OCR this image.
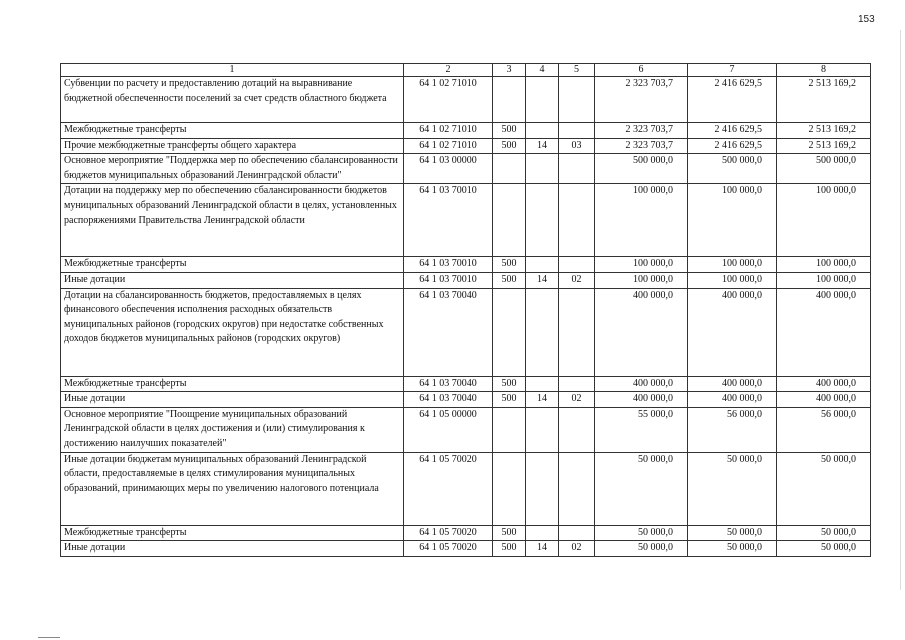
153
1	2	3	4	5	6	7	8
Субвенции по расчету и предоставлению дотаций на выравнивание бюджетной обеспеченности поселений за счет средств областного бюджета	64 1 02 71010				2 323 703,7	2 416 629,5	2 513 169,2
Межбюджетные трансферты	64 1 02 71010	500			2 323 703,7	2 416 629,5	2 513 169,2
Прочие межбюджетные трансферты общего характера	64 1 02 71010	500	14	03	2 323 703,7	2 416 629,5	2 513 169,2
Основное мероприятие "Поддержка мер по обеспечению сбалансированности бюджетов муниципальных образований Ленинградской области"	64 1 03 00000				500 000,0	500 000,0	500 000,0
Дотации на поддержку мер по обеспечению сбалансированности бюджетов муниципальных образований Ленинградской области в целях, установленных распоряжениями Правительства Ленинградской области	64 1 03 70010				100 000,0	100 000,0	100 000,0
Межбюджетные трансферты	64 1 03 70010	500			100 000,0	100 000,0	100 000,0
Иные дотации	64 1 03 70010	500	14	02	100 000,0	100 000,0	100 000,0
Дотации на сбалансированность бюджетов, предоставляемых в целях финансового обеспечения исполнения расходных обязательств муниципальных районов (городских округов) при недостатке собственных доходов бюджетов муниципальных районов (городских округов)	64 1 03 70040				400 000,0	400 000,0	400 000,0
Межбюджетные трансферты	64 1 03 70040	500			400 000,0	400 000,0	400 000,0
Иные дотации	64 1 03 70040	500	14	02	400 000,0	400 000,0	400 000,0
Основное мероприятие "Поощрение муниципальных образований Ленинградской области в целях достижения и (или) стимулирования к достижению наилучших показателей"	64 1 05 00000				55 000,0	56 000,0	56 000,0
Иные дотации бюджетам муниципальных образований Ленинградской области, предоставляемые в целях стимулирования муниципальных образований, принимающих меры по увеличению налогового потенциала	64 1 05 70020				50 000,0	50 000,0	50 000,0
Межбюджетные трансферты	64 1 05 70020	500			50 000,0	50 000,0	50 000,0
Иные дотации	64 1 05 70020	500	14	02	50 000,0	50 000,0	50 000,0
